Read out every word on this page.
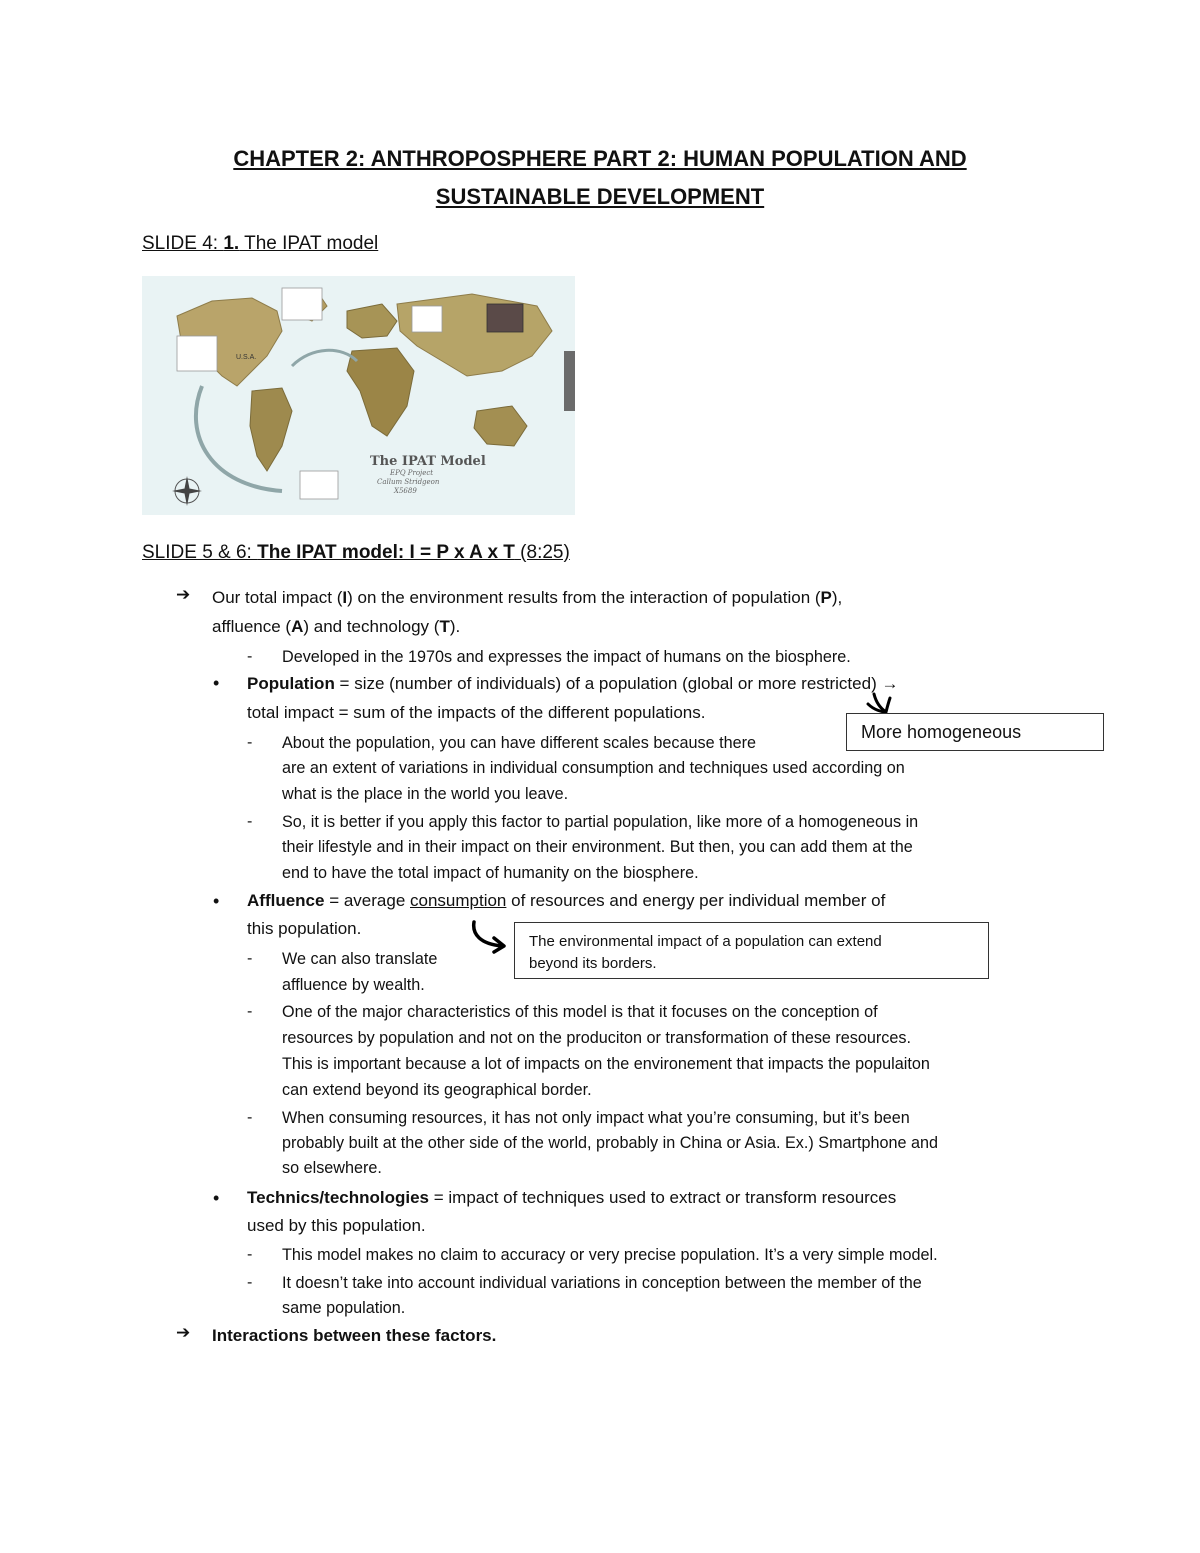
CHAPTER 2: ANTHROPOSPHERE PART 2: HUMAN POPULATION AND
SUSTAINABLE DEVELOPMENT
SLIDE 4: 1. The IPAT model
U.S.A.
The IPAT Model
EPQ Project
Callum Stridgeon
X5689
SLIDE 5 & 6: The IPAT model: I = P x A x T (8:25)
➔ Our total impact (I) on the environment results from the interaction of population (P),
affluence (A) and technology (T).
- Developed in the 1970s and expresses the impact of humans on the biosphere.
• Population = size (number of individuals) of a population (global or more restricted) →
total impact = sum of the impacts of the different populations.
- About the population, you can have different scales because there
are an extent of variations in individual consumption and techniques used according on
what is the place in the world you leave.
- So, it is better if you apply this factor to partial population, like more of a homogeneous in
their lifestyle and in their impact on their environment. But then, you can add them at the
end to have the total impact of humanity on the biosphere.
More homogeneous
• Affluence = average consumption of resources and energy per individual member of
this population.
- We can also translate
affluence by wealth.
The environmental impact of a population can extend
beyond its borders.
- One of the major characteristics of this model is that it focuses on the conception of
resources by population and not on the produciton or transformation of these resources.
This is important because a lot of impacts on the environement that impacts the populaiton
can extend beyond its geographical border.
- When consuming resources, it has not only impact what you’re consuming, but it’s been
probably built at the other side of the world, probably in China or Asia. Ex.) Smartphone and
so elsewhere.
• Technics/technologies = impact of techniques used to extract or transform resources
used by this population.
- This model makes no claim to accuracy or very precise population. It’s a very simple model.
- It doesn’t take into account individual variations in conception between the member of the
same population.
➔ Interactions between these factors.
